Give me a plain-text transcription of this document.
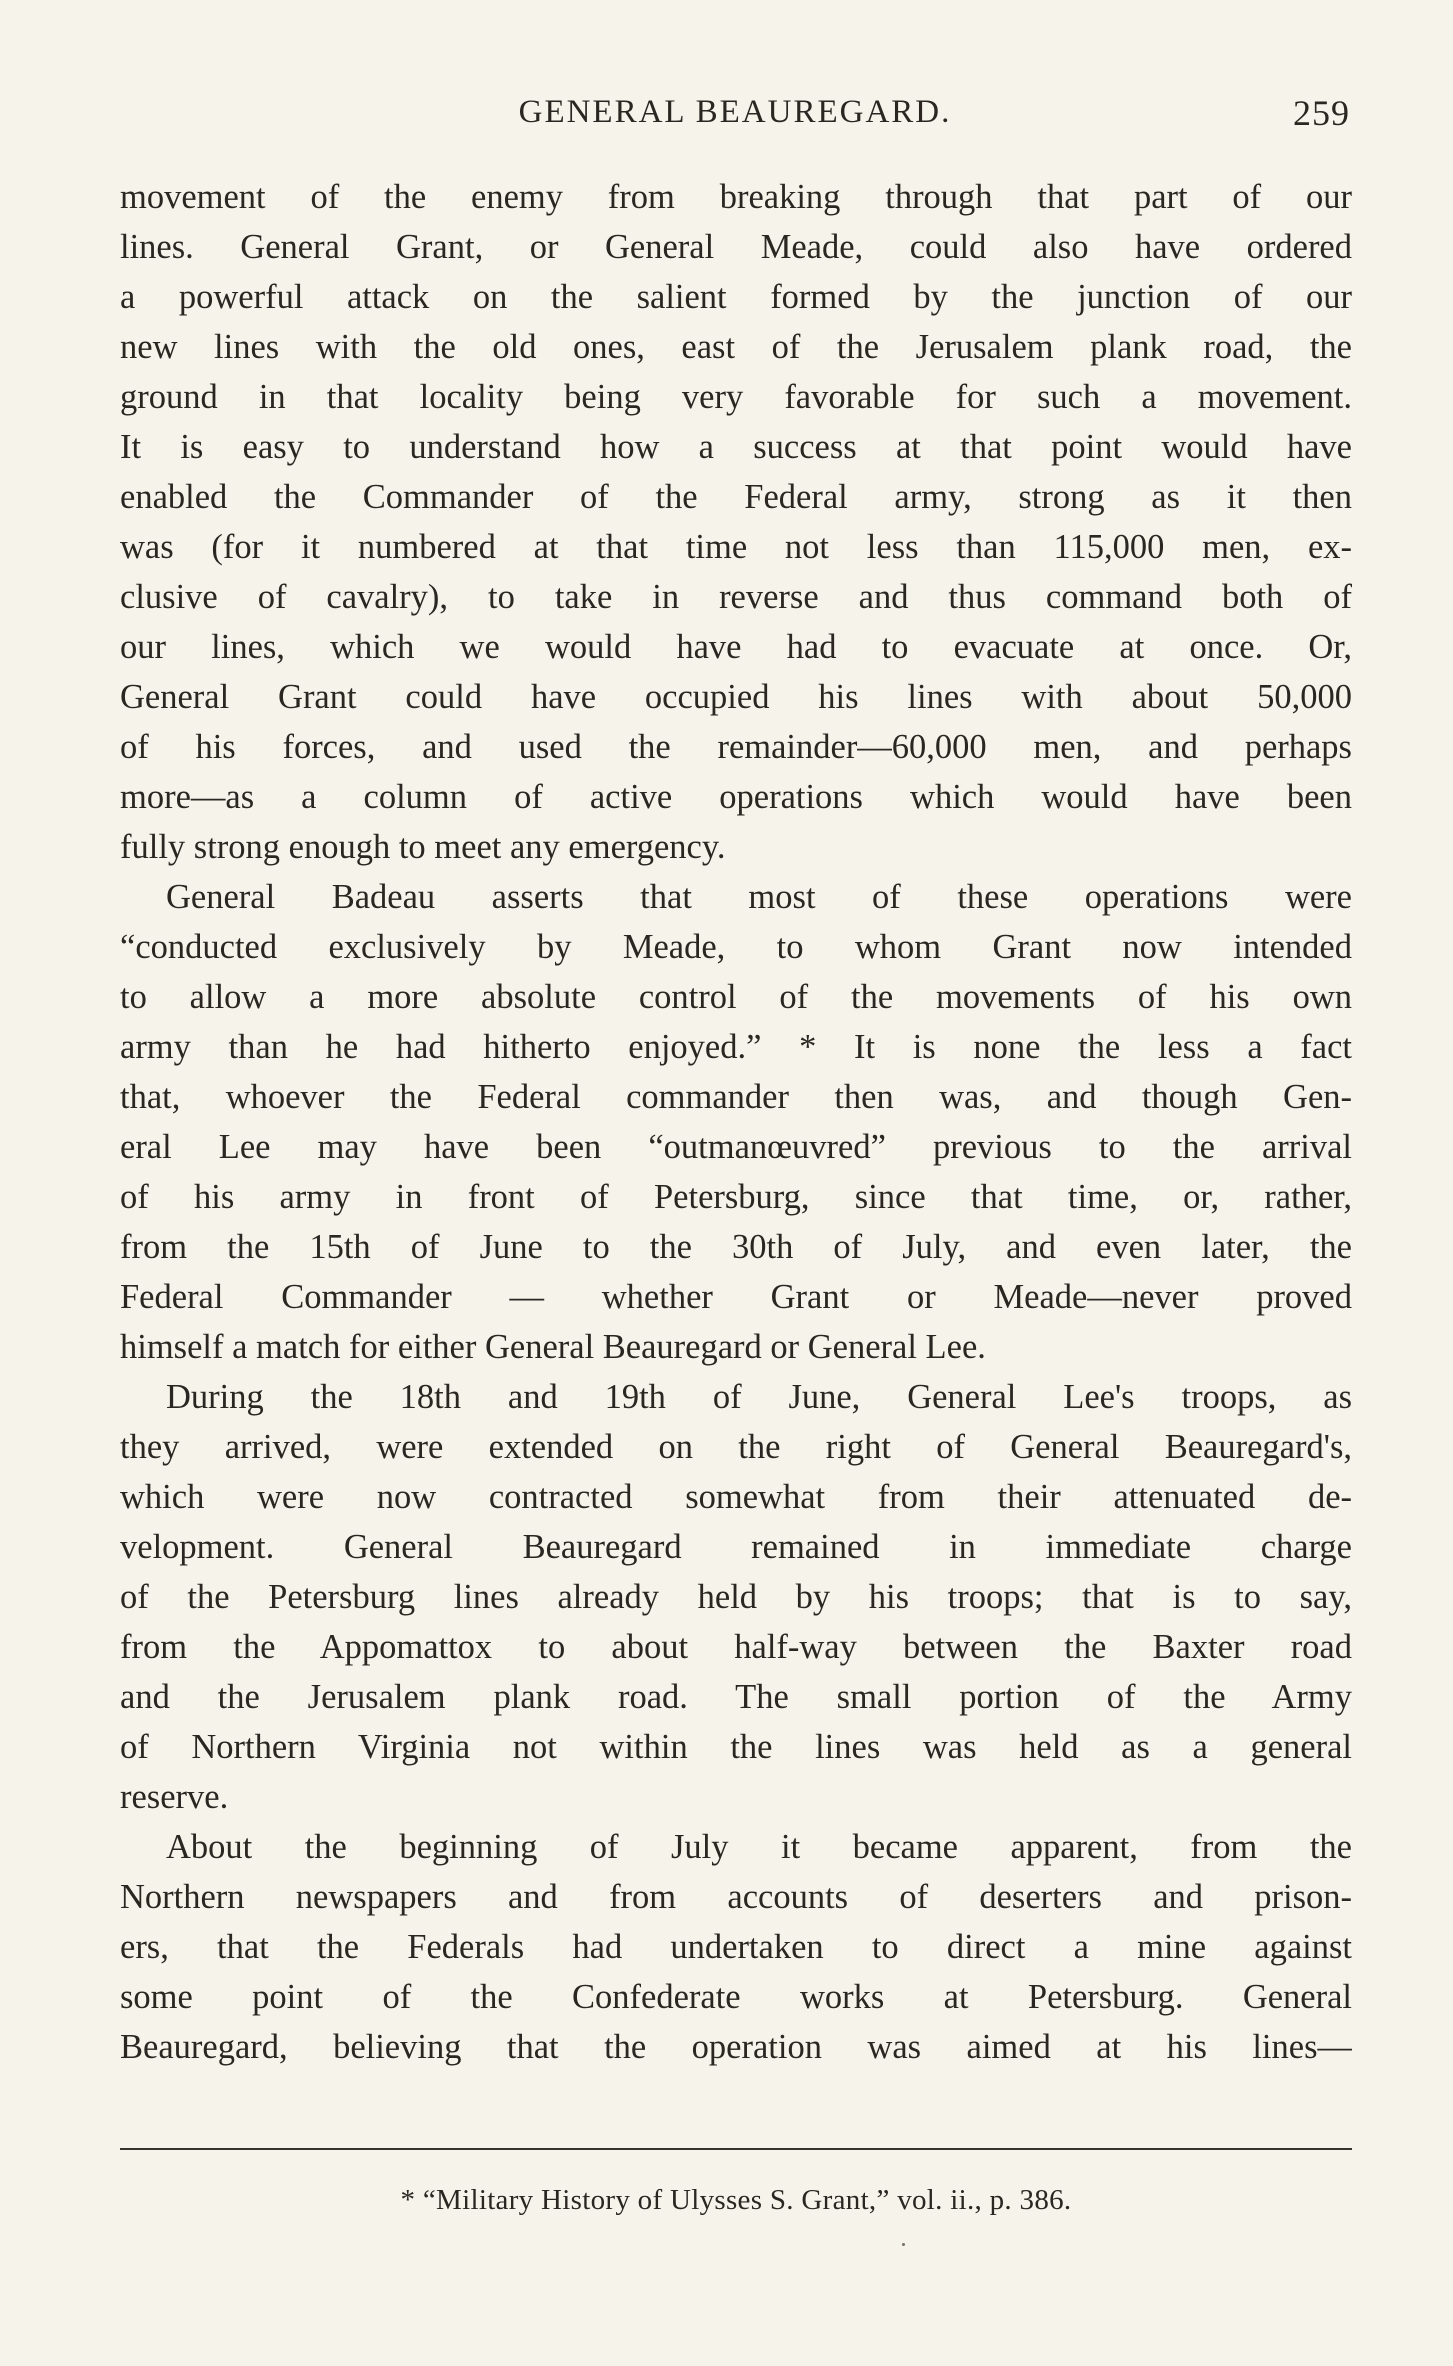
GENERAL BEAUREGARD.	259
movement of the enemy from breaking through that part of our
lines. General Grant, or General Meade, could also have ordered
a powerful attack on the salient formed by the junction of our
new lines with the old ones, east of the Jerusalem plank road, the
ground in that locality being very favorable for such a movement.
It is easy to understand how a success at that point would have
enabled the Commander of the Federal army, strong as it then
was (for it numbered at that time not less than 115,000 men, ex-
clusive of cavalry), to take in reverse and thus command both of
our lines, which we would have had to evacuate at once. Or,
General Grant could have occupied his lines with about 50,000
of his forces, and used the remainder—60,000 men, and perhaps
more—as a column of active operations which would have been
fully strong enough to meet any emergency.
General Badeau asserts that most of these operations were
“conducted exclusively by Meade, to whom Grant now intended
to allow a more absolute control of the movements of his own
army than he had hitherto enjoyed.” * It is none the less a fact
that, whoever the Federal commander then was, and though Gen-
eral Lee may have been “outmanœuvred” previous to the arrival
of his army in front of Petersburg, since that time, or, rather,
from the 15th of June to the 30th of July, and even later, the
Federal Commander — whether Grant or Meade—never proved
himself a match for either General Beauregard or General Lee.
During the 18th and 19th of June, General Lee's troops, as
they arrived, were extended on the right of General Beauregard's,
which were now contracted somewhat from their attenuated de-
velopment. General Beauregard remained in immediate charge
of the Petersburg lines already held by his troops; that is to say,
from the Appomattox to about half-way between the Baxter road
and the Jerusalem plank road. The small portion of the Army
of Northern Virginia not within the lines was held as a general
reserve.
About the beginning of July it became apparent, from the
Northern newspapers and from accounts of deserters and prison-
ers, that the Federals had undertaken to direct a mine against
some point of the Confederate works at Petersburg. General
Beauregard, believing that the operation was aimed at his lines—
* “Military History of Ulysses S. Grant,” vol. ii., p. 386.
